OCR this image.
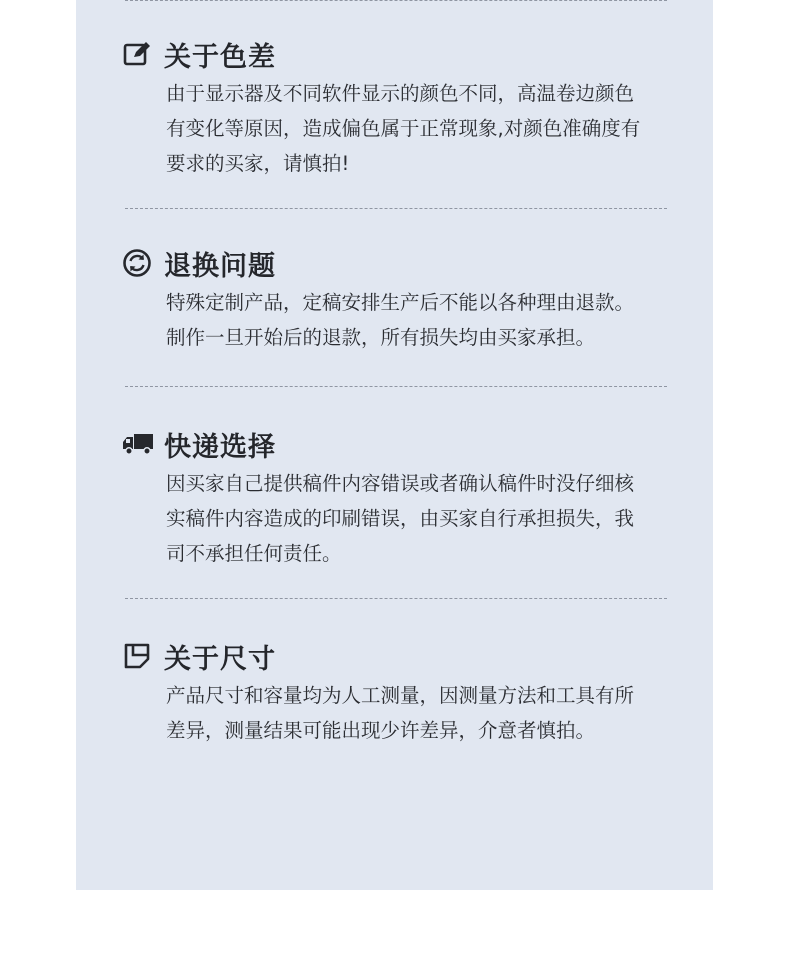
关于色差
由于显示器及不同软件显示的颜色不同，高温卷边颜色
有变化等原因，造成偏色属于正常现象,对颜色准确度有
要求的买家，请慎拍!
退换问题
特殊定制产品，定稿安排生产后不能以各种理由退款。
制作一旦开始后的退款，所有损失均由买家承担。
快递选择
因买家自己提供稿件内容错误或者确认稿件时没仔细核
实稿件内容造成的印刷错误，由买家自行承担损失，我
司不承担任何责任。
关于尺寸
产品尺寸和容量均为人工测量，因测量方法和工具有所
差异，测量结果可能出现少许差异，介意者慎拍。
